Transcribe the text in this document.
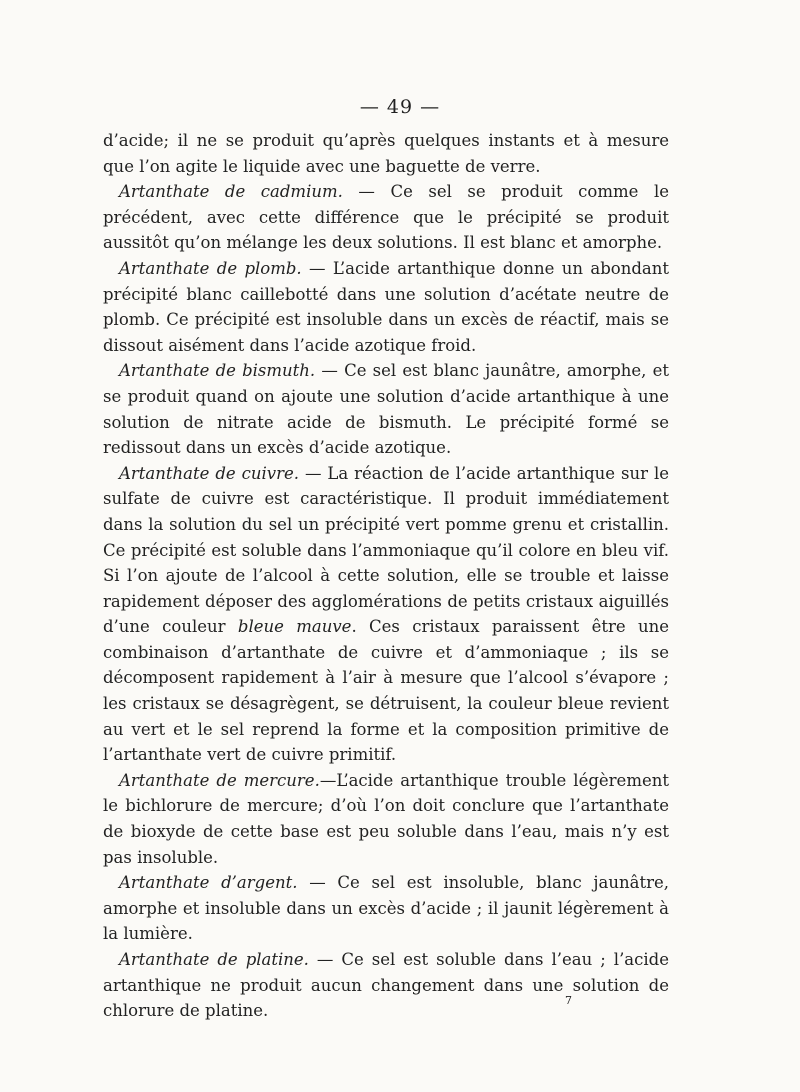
— 49 —

d’acide; il ne se produit qu’après quelques instants et à mesure que l’on agite le liquide avec une baguette de verre.

Artanthate de cadmium. — Ce sel se produit comme le précédent, avec cette différence que le précipité se produit aussitôt qu’on mélange les deux solutions. Il est blanc et amorphe.

Artanthate de plomb. — L’acide artanthique donne un abondant précipité blanc caillebotté dans une solution d’acétate neutre de plomb. Ce précipité est insoluble dans un excès de réactif, mais se dissout aisément dans l’acide azotique froid.

Artanthate de bismuth. — Ce sel est blanc jaunâtre, amorphe, et se produit quand on ajoute une solution d’acide artanthique à une solution de nitrate acide de bismuth. Le précipité formé se redissout dans un excès d’acide azotique.

Artanthate de cuivre. — La réaction de l’acide artanthique sur le sulfate de cuivre est caractéristique. Il produit immédiatement dans la solution du sel un précipité vert pomme grenu et cristallin. Ce précipité est soluble dans l’ammoniaque qu’il colore en bleu vif. Si l’on ajoute de l’alcool à cette solution, elle se trouble et laisse rapidement déposer des agglomérations de petits cristaux aiguillés d’une couleur bleue mauve. Ces cristaux paraissent être une combinaison d’artanthate de cuivre et d’ammoniaque ; ils se décomposent rapidement à l’air à mesure que l’alcool s’évapore ; les cristaux se désagrègent, se détruisent, la couleur bleue revient au vert et le sel reprend la forme et la composition primitive de l’artanthate vert de cuivre primitif.

Artanthate de mercure.—L’acide artanthique trouble légèrement le bichlorure de mercure; d’où l’on doit conclure que l’artanthate de bioxyde de cette base est peu soluble dans l’eau, mais n’y est pas insoluble.

Artanthate d’argent. — Ce sel est insoluble, blanc jaunâtre, amorphe et insoluble dans un excès d’acide ; il jaunit légèrement à la lumière.

Artanthate de platine. — Ce sel est soluble dans l’eau ; l’acide artanthique ne produit aucun changement dans une solution de chlorure de platine.

7
